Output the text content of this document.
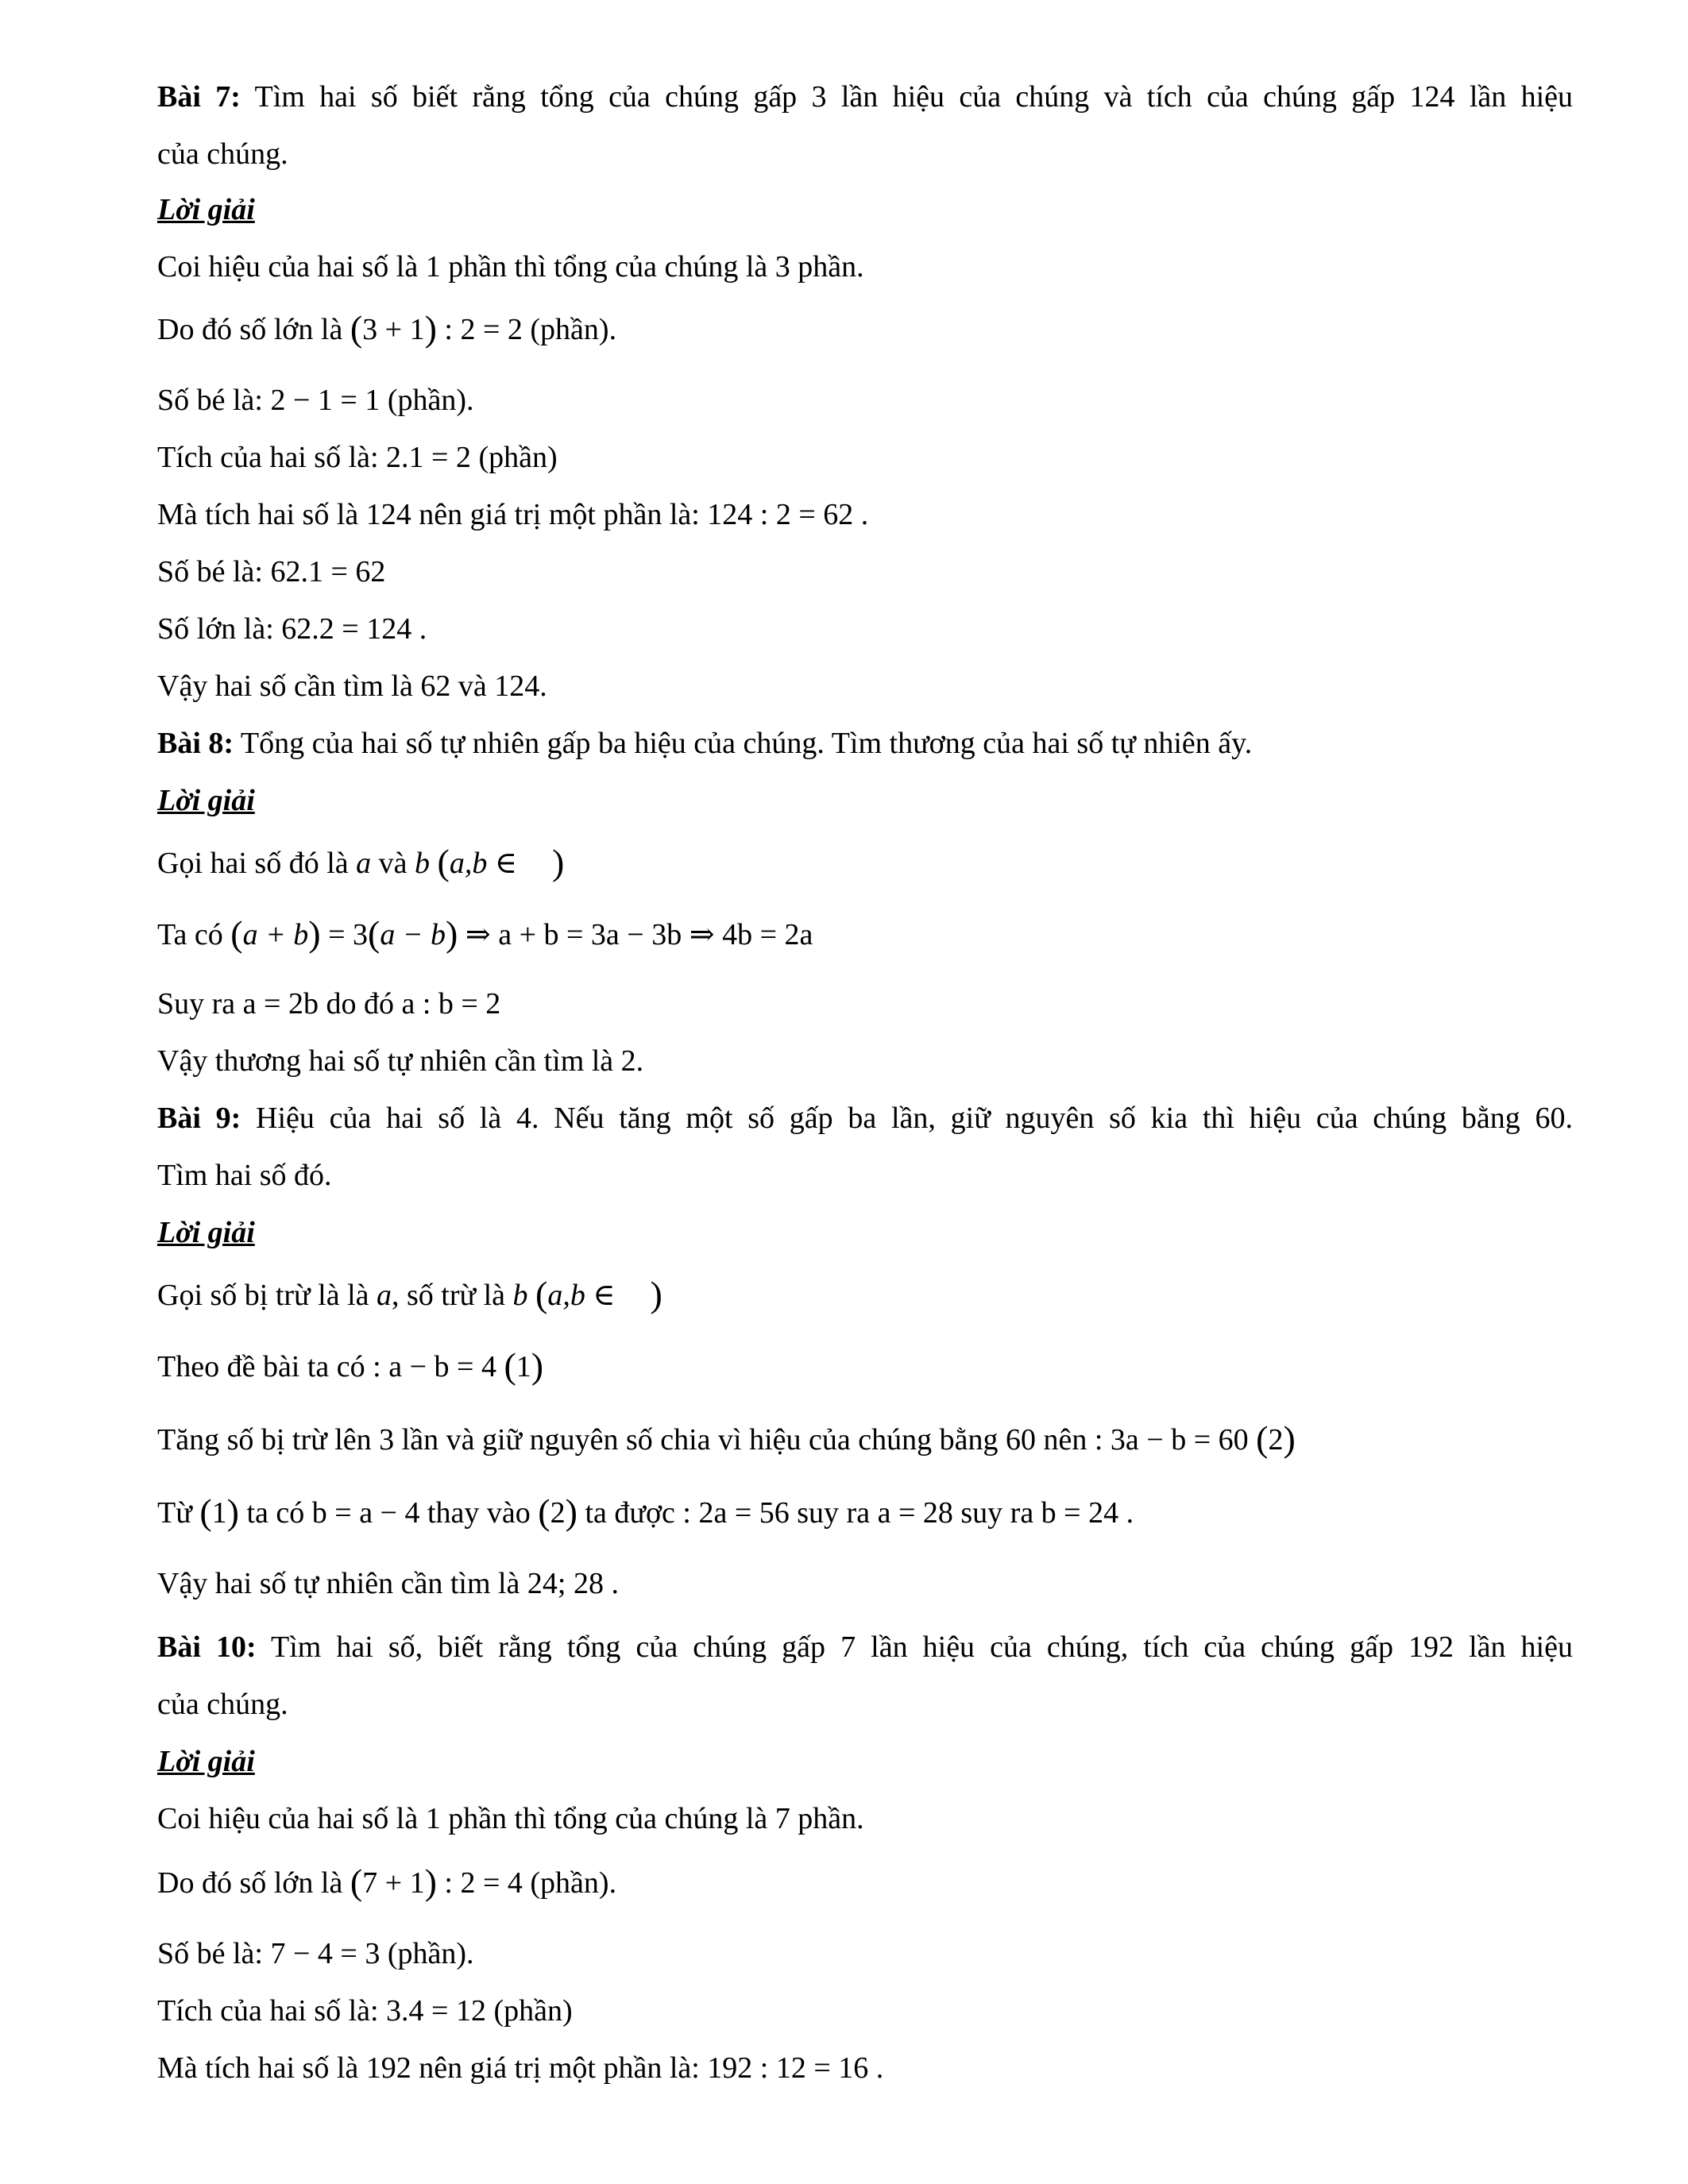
Bài 7: Tìm hai số biết rằng tổng của chúng gấp 3 lần hiệu của chúng và tích của chúng gấp 124 lần hiệu
của chúng.
Lời giải
Coi hiệu của hai số là 1 phần thì tổng của chúng là 3 phần.
Do đó số lớn là (3 + 1) : 2 = 2 (phần).
Số bé là: 2 − 1 = 1 (phần).
Tích của hai số là: 2.1 = 2 (phần)
Mà tích hai số là 124 nên giá trị một phần là: 124 : 2 = 62 .
Số bé là: 62.1 = 62
Số lớn là: 62.2 = 124 .
Vậy hai số cần tìm là 62 và 124.
Bài 8: Tổng của hai số tự nhiên gấp ba hiệu của chúng. Tìm thương của hai số tự nhiên ấy.
Lời giải
Gọi hai số đó là a và b (a,b ∈ )
Ta có (a + b) = 3(a − b) ⇒ a + b = 3a − 3b ⇒ 4b = 2a
Suy ra a = 2b do đó a : b = 2
Vậy thương hai số tự nhiên cần tìm là 2.
Bài 9: Hiệu của hai số là 4. Nếu tăng một số gấp ba lần, giữ nguyên số kia thì hiệu của chúng bằng 60.
Tìm hai số đó.
Lời giải
Gọi số bị trừ là là a, số trừ là b (a,b ∈ )
Theo đề bài ta có : a − b = 4 (1)
Tăng số bị trừ lên 3 lần và giữ nguyên số chia vì hiệu của chúng bằng 60 nên : 3a − b = 60 (2)
Từ (1) ta có b = a − 4 thay vào (2) ta được : 2a = 56 suy ra a = 28 suy ra b = 24 .
Vậy hai số tự nhiên cần tìm là 24; 28 .
Bài 10: Tìm hai số, biết rằng tổng của chúng gấp 7 lần hiệu của chúng, tích của chúng gấp 192 lần hiệu
của chúng.
Lời giải
Coi hiệu của hai số là 1 phần thì tổng của chúng là 7 phần.
Do đó số lớn là (7 + 1) : 2 = 4 (phần).
Số bé là: 7 − 4 = 3 (phần).
Tích của hai số là: 3.4 = 12 (phần)
Mà tích hai số là 192 nên giá trị một phần là: 192 : 12 = 16 .
